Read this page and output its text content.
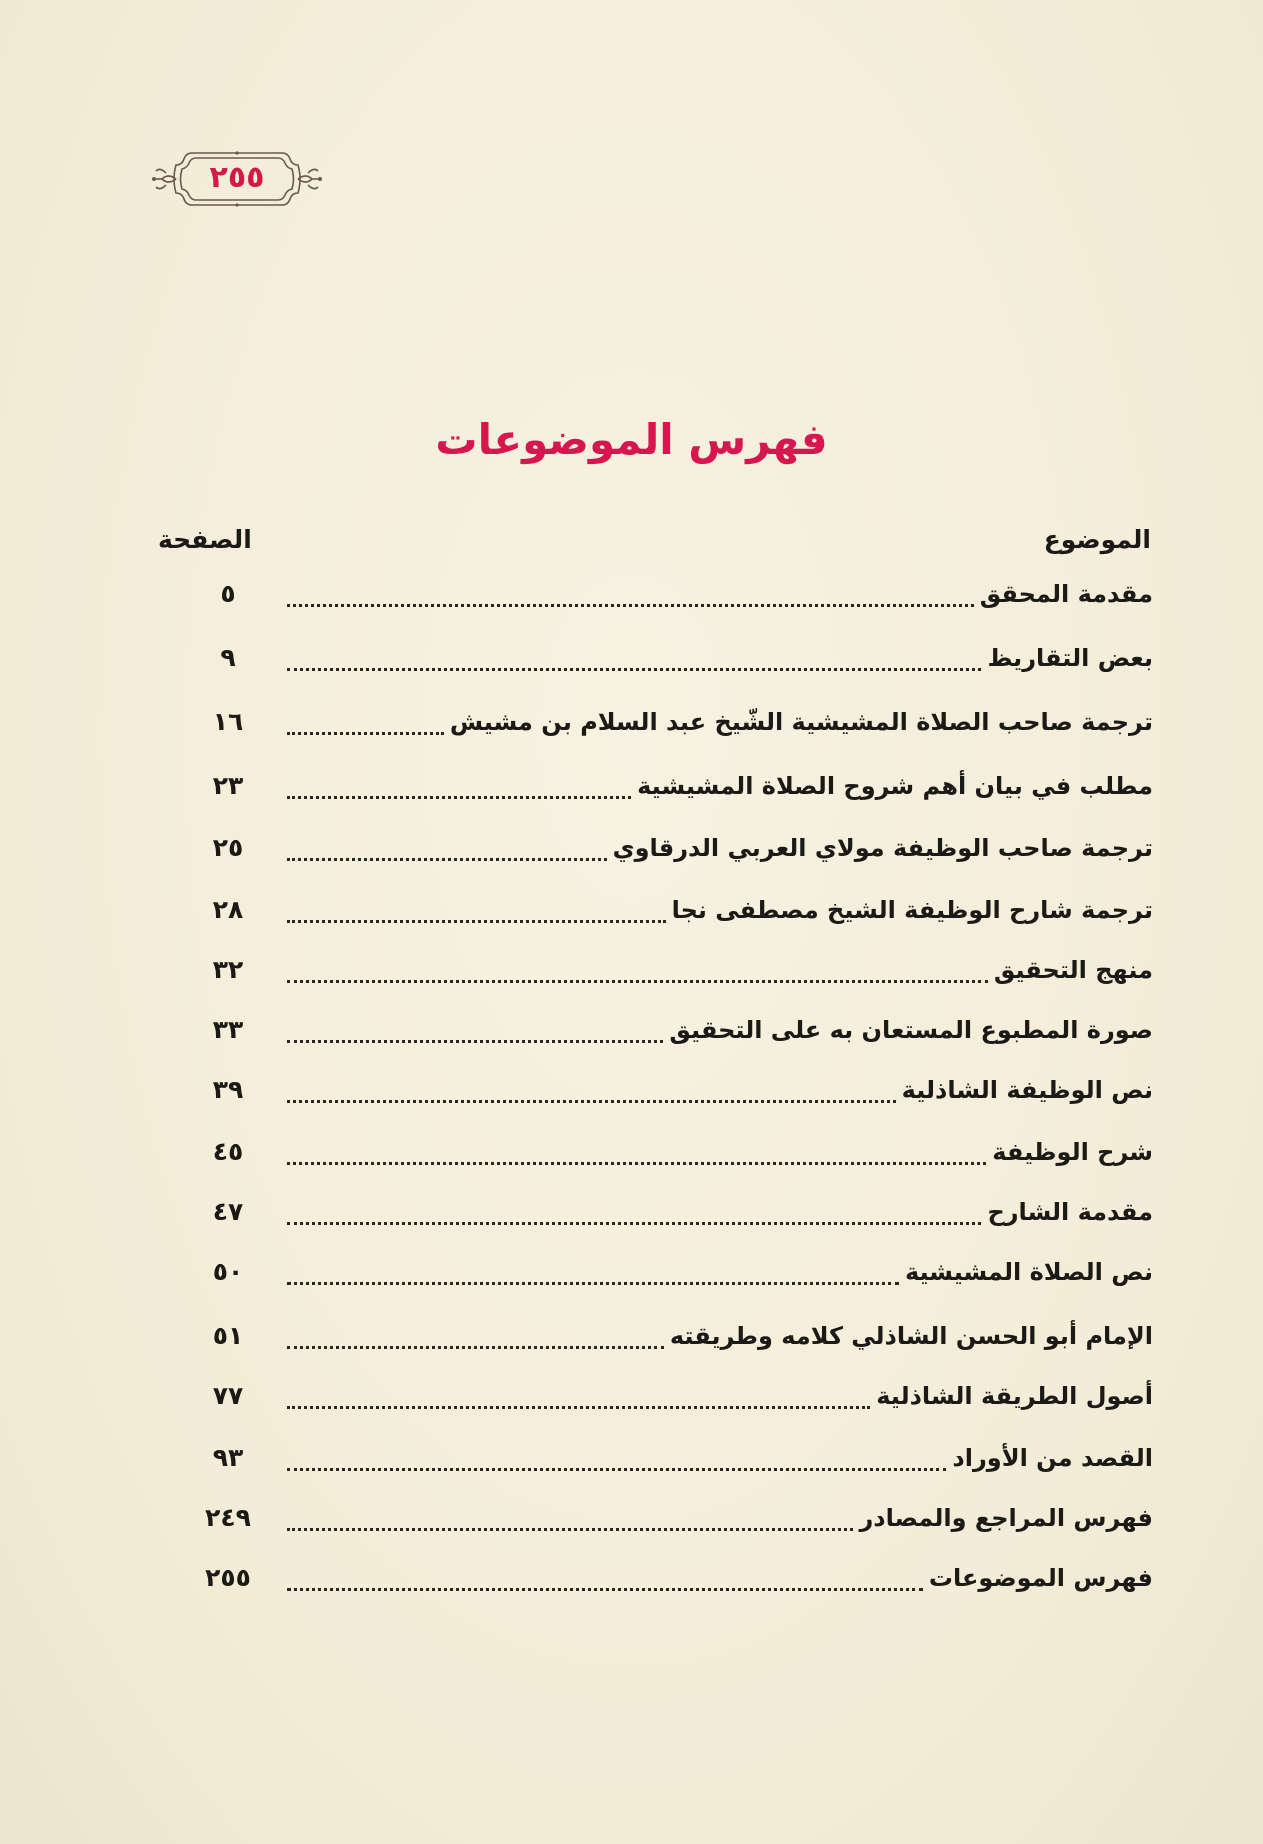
٢٥٥
فهرس الموضوعات
الموضوع
الصفحة
مقدمة المحقق
٥
بعض التقاريظ
٩
ترجمة صاحب الصلاة المشيشية الشّيخ عبد السلام بن مشيش
١٦
مطلب في بيان أهم شروح الصلاة المشيشية
٢٣
ترجمة صاحب الوظيفة مولاي العربي الدرقاوي
٢٥
ترجمة شارح الوظيفة الشيخ مصطفى نجا
٢٨
منهج التحقيق
٣٢
صورة المطبوع المستعان به على التحقيق
٣٣
نص الوظيفة الشاذلية
٣٩
شرح الوظيفة
٤٥
مقدمة الشارح
٤٧
نص الصلاة المشيشية
٥٠
الإمام أبو الحسن الشاذلي كلامه وطريقته
٥١
أصول الطريقة الشاذلية
٧٧
القصد من الأوراد
٩٣
فهرس المراجع والمصادر
٢٤٩
فهرس الموضوعات
٢٥٥
